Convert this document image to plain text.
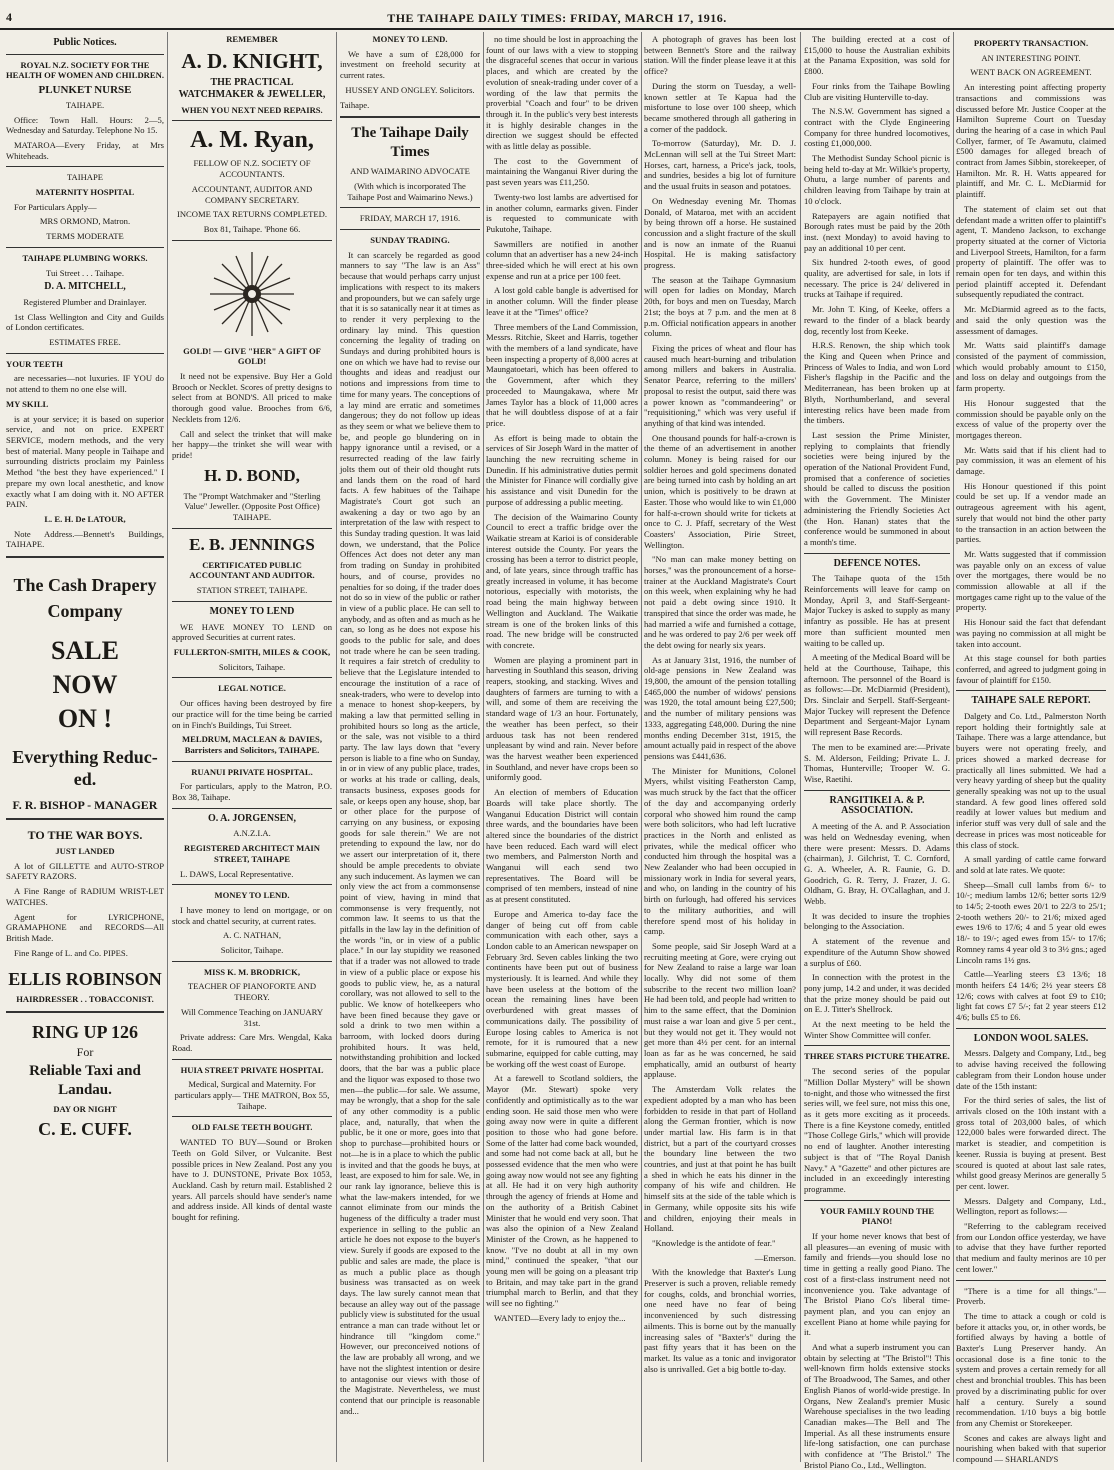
4	THE TAIHAPE DAILY TIMES: FRIDAY, MARCH 17, 1916.

Public Notices.

ROYAL N.Z. SOCIETY FOR THE HEALTH OF WOMEN AND CHILDREN.

PLUNKET NURSE

TAIHAPE.

Office: Town Hall. Hours: 2—5, Wednesday and Saturday. Telephone No 15.

MATAROA—Every Friday, at Mrs Whiteheads.

TAIHAPE

MATERNITY HOSPITAL

For Particulars Apply—

MRS ORMOND, Matron.

TERMS MODERATE

TAIHAPE PLUMBING WORKS.

Tui Street . . . Taihape.

D. A. MITCHELL,

Registered Plumber and Drainlayer.

1st Class Wellington and City and Guilds of London certificates.

ESTIMATES FREE.

YOUR TEETH

are necessaries—not luxuries. IF YOU do not attend to them no one else will.

MY SKILL

is at your service; it is based on superior service, and not on price. EXPERT SERVICE, modern methods, and the very best of material. Many people in Taihape and surrounding districts proclaim my Painless Method "the best they have experienced." I prepare my own local anesthetic, and know exactly what I am doing with it. NO AFTER PAIN.

L. E. H. De LATOUR,

Note Address.—Bennett's Buildings, TAIHAPE.

The Cash Drapery

Company

SALE

NOW

ON !

Everything Reduc- ed.

F. R. BISHOP - MANAGER

TO THE WAR BOYS.

JUST LANDED

A lot of GILLETTE and AUTO-STROP SAFETY RAZORS.

A Fine Range of RADIUM WRIST-LET WATCHES.

Agent for LYRICPHONE, GRAMAPHONE and RECORDS—All British Made.

Fine Range of L. and Co. PIPES.

ELLIS ROBINSON

HAIRDRESSER . . TOBACCONIST.

RING UP 126

For

Reliable Taxi and Landau.

DAY OR NIGHT

C. E. CUFF.

REMEMBER

A. D. KNIGHT,

THE PRACTICAL WATCHMAKER & JEWELLER,

WHEN YOU NEXT NEED REPAIRS.

A. M. Ryan,

FELLOW OF N.Z. SOCIETY OF ACCOUNTANTS.

ACCOUNTANT, AUDITOR AND COMPANY SECRETARY.

INCOME TAX RETURNS COMPLETED.

Box 81, Taihape. 'Phone 66.

GOLD! — GIVE "HER" A GIFT OF GOLD!

It need not be expensive. Buy Her a Gold Brooch or Necklet. Scores of pretty designs to select from at BOND'S. All priced to make thorough good value. Brooches from 6/6, Necklets from 12/6.

Call and select the trinket that will make her happy—the trinket she will wear with pride!

H. D. BOND,

The "Prompt Watchmaker and "Sterling Value" Jeweller. (Opposite Post Office) TAIHAPE.

E. B. JENNINGS

CERTIFICATED PUBLIC ACCOUNTANT AND AUDITOR.

STATION STREET, TAIHAPE.

MONEY TO LEND

WE HAVE MONEY TO LEND on approved Securities at current rates.

FULLERTON-SMITH, MILES & COOK,

Solicitors, Taihape.

LEGAL NOTICE.

Our offices having been destroyed by fire our practice will for the time being be carried on in Finch's Buildings, Tui Street.

MELDRUM, MACLEAN & DAVIES, Barristers and Solicitors, TAIHAPE.

RUANUI PRIVATE HOSPITAL.

For particulars, apply to the Matron, P.O. Box 38, Taihape.

O. A. JORGENSEN,

A.N.Z.I.A.

REGISTERED ARCHITECT MAIN STREET, TAIHAPE

L. DAWS, Local Representative.

MONEY TO LEND.

I have money to lend on mortgage, or on stock and chattel security, at current rates.

A. C. NATHAN,

Solicitor, Taihape.

MISS K. M. BRODRICK,

TEACHER OF PIANOFORTE AND THEORY.

Will Commence Teaching on JANUARY 31st.

Private address: Care Mrs. Wengdal, Kaka Road.

HUIA STREET PRIVATE HOSPITAL

Medical, Surgical and Maternity. For particulars apply— THE MATRON, Box 55, Taihape.

OLD FALSE TEETH BOUGHT.

WANTED TO BUY—Sound or Broken Teeth on Gold Silver, or Vulcanite. Best possible prices in New Zealand. Post any you have to J. DUNSTONE, Private Box 1053, Auckland. Cash by return mail. Established 2 years. All parcels should have sender's name and address inside. All kinds of dental waste bought for refining.

MONEY TO LEND.

We have a sum of £28,000 for investment on freehold security at current rates.

HUSSEY AND ONGLEY. Solicitors.

Taihape.

The Taihape Daily Times

AND WAIMARINO ADVOCATE

(With which is incorporated The Taihape Post and Waimarino News.)

FRIDAY, MARCH 17, 1916.

SUNDAY TRADING.

It can scarcely be regarded as good manners to say "The law is an Ass" because that would perhaps carry unjust implications with respect to its makers and propounders, but we can safely urge that it is so satanically near it at times as to render it very perplexing to the ordinary lay mind. This question concerning the legality of trading on Sundays and during prohibited hours is one on which we have had to revise our thoughts and ideas and readjust our notions and impressions from time to time for many years. The conceptions of a lay mind are erratic and sometimes dangerous; they do not follow up ideas as they seem or what we believe them to be, and people go blundering on in happy ignorance until a revised, or a resurrected reading of the law fairly jolts them out of their old thought ruts and lands them on the road of hard facts. A few habitues of the Taihape Magistrate's Court got such an awakening a day or two ago by an interpretation of the law with respect to this Sunday trading question. It was laid down, we understand, that the Police Offences Act does not deter any man from trading on Sunday in prohibited hours, and of course, provides no penalties for so doing, if the trader does not do so in view of the public or rather in view of a public place. He can sell to anybody, and as often and as much as he can, so long as he does not expose his goods to the public for sale, and does not trade where he can be seen trading. It requires a fair stretch of credulity to believe that the Legislature intended to encourage the institution of a race of sneak-traders, who were to develop into a menace to honest shop-keepers, by making a law that permitted selling in prohibited hours so long as the article, or the sale, was not visible to a third party. The law lays down that "every person is liable to a fine who on Sunday, in or in view of any public place, trades, or works at his trade or calling, deals, transacts business, exposes goods for sale, or keeps open any house, shop, bar or other place for the purpose of carrying on any business, or exposing goods for sale therein." We are not pretending to expound the law, nor do we assert our interpretation of it, there should be ample precedents to obviate any such inducement. As laymen we can only view the act from a commonsense point of view, having in mind that commonsense is very frequently, not common law. It seems to us that the pitfalls in the law lay in the definition of the words "in, or in view of a public place." In our lay stupidity we reasoned that if a trader was not allowed to trade in view of a public place or expose his goods to public view, he, as a natural corollary, was not allowed to sell to the public. We know of hotelkeepers who have been fined because they gave or sold a drink to two men within a barroom, with locked doors during prohibited hours. It was held, notwithstanding prohibition and locked doors, that the bar was a public place and the liquor was exposed to those two men—the public—for sale. We assume, may be wrongly, that a shop for the sale of any other commodity is a public place, and, naturally, that when the public, be it one or more, goes into that shop to purchase—prohibited hours or not—he is in a place to which the public is invited and that the goods he buys, at least, are exposed to him for sale. We, in our rank lay ignorance, believe this is what the law-makers intended, for we cannot eliminate from our minds the hugeness of the difficulty a trader must experience in selling to the public an article he does not expose to the buyer's view. Surely if goods are exposed to the public and sales are made, the place is as much a public place as though business was transacted as on week days. The law surely cannot mean that because an alley way out of the passage publicly view is substituted for the usual entrance a man can trade without let or hindrance till "kingdom come." However, our preconceived notions of the law are probably all wrong, and we have not the slightest intention or desire to antagonise our views with those of the Magistrate. Nevertheless, we must contend that our principle is reasonable and...

no time should be lost in approaching the fount of our laws with a view to stopping the disgraceful scenes that occur in various places, and which are created by the evolution of sneak-trading under cover of a wording of the law that permits the proverbial "Coach and four" to be driven through it. In the public's very best interests it is highly desirable changes in the direction we suggest should be effected with as little delay as possible.

The cost to the Government of maintaining the Wanganui River during the past seven years was £11,250.

Twenty-two lost lambs are advertised for in another column, earmarks given. Finder is requested to communicate with Pukutohe, Taihape.

Sawmillers are notified in another column that an advertiser has a new 24-inch three-sided which he will erect at his own expense and run at a price per 100 feet.

A lost gold cable bangle is advertised for in another column. Will the finder please leave it at the "Times" office?

Three members of the Land Commission, Messrs. Ritchie, Skeet and Harris, together with the members of a land syndicate, have been inspecting a property of 8,000 acres at Maungatoetari, which has been offered to the Government, after which they proceeded to Maungakawa, where Mr James Taylor has a block of 11,000 acres that he will doubtless dispose of at a fair price.

As effort is being made to obtain the services of Sir Joseph Ward in the matter of launching the new recruiting scheme in Dunedin. If his administrative duties permit the Minister for Finance will cordially give his assistance and visit Dunedin for the purpose of addressing a public meeting.

The decision of the Waimarino County Council to erect a traffic bridge over the Waikatie stream at Karioi is of considerable interest outside the County. For years the crossing has been a terror to district people, and, of late years, since through traffic has greatly increased in volume, it has become notorious, especially with motorists, the road being the main highway between Wellington and Auckland. The Waikatie stream is one of the broken links of this road. The new bridge will be constructed with concrete.

Women are playing a prominent part in harvesting in Southland this season, driving reapers, stooking, and stacking. Wives and daughters of farmers are turning to with a will, and some of them are receiving the standard wage of 1/3 an hour. Fortunately, the weather has been perfect, so their arduous task has not been rendered unpleasant by wind and rain. Never before was the harvest weather been experienced in Southland, and never have crops been so uniformly good.

An election of members of Education Boards will take place shortly. The Wanganui Education District will contain three wards, and the boundaries have been altered since the boundaries of the district have been reduced. Each ward will elect two members, and Palmerston North and Wanganui will each send two representatives. The Board will be comprised of ten members, instead of nine as at present constituted.

Europe and America to-day face the danger of being cut off from cable communication with each other, says a London cable to an American newspaper on February 3rd. Seven cables linking the two continents have been put out of business mysteriously. It is learned. And while they have been useless at the bottom of the ocean the remaining lines have been overburdened with great masses of communications daily. The possibility of Europe losing cables to America is not remote, for it is rumoured that a new submarine, equipped for cable cutting, may be working off the west coast of Europe.

At a farewell to Scotland soldiers, the Mayor (Mr. Stewart) spoke very confidently and optimistically as to the war ending soon. He said those men who were going away now were in quite a different position to those who had gone before. Some of the latter had come back wounded, and some had not come back at all, but he possessed evidence that the men who were going away now would not see any fighting at all. He had it on very high authority through the agency of friends at Home and on the authority of a British Cabinet Minister that he would end very soon. That was also the opinion of a New Zealand Minister of the Crown, as he happened to know. "I've no doubt at all in my own mind," continued the speaker, "that our young men will be going on a pleasant trip to Britain, and may take part in the grand triumphal march to Berlin, and that they will see no fighting."

WANTED—Every lady to enjoy the...

A photograph of graves has been lost between Bennett's Store and the railway station. Will the finder please leave it at this office?

During the storm on Tuesday, a well-known settler at Te Kapua had the misfortune to lose over 100 sheep, which became smothered through all gathering in a corner of the paddock.

To-morrow (Saturday), Mr. D. J. McLennan will sell at the Tui Street Mart: Horses, cart, harness, a Price's jack, tools, and sundries, besides a big lot of furniture and the usual fruits in season and potatoes.

On Wednesday evening Mr. Thomas Donald, of Mataroa, met with an accident by being thrown off a horse. He sustained concussion and a slight fracture of the skull and is now an inmate of the Ruanui Hospital. He is making satisfactory progress.

The season at the Taihape Gymnasium will open for ladies on Monday, March 20th, for boys and men on Tuesday, March 21st; the boys at 7 p.m. and the men at 8 p.m. Official notification appears in another column.

Fixing the prices of wheat and flour has caused much heart-burning and tribulation among millers and bakers in Australia. Senator Pearce, referring to the millers' proposal to resist the output, said there was a power known as "commandeering" or "requisitioning," which was very useful if anything of that kind was intended.

One thousand pounds for half-a-crown is the theme of an advertisement in another column. Money is being raised for our soldier heroes and gold specimens donated are being turned into cash by holding an art union, which is positively to be drawn at Easter. Those who would like to win £1,000 for half-a-crown should write for tickets at once to C. J. Pfaff, secretary of the West Coasters' Association, Pirie Street, Wellington.

"No man can make money betting on horses," was the pronouncement of a horse-trainer at the Auckland Magistrate's Court on this week, when explaining why he had not paid a debt owing since 1910. It transpired that since the order was made, he had married a wife and furnished a cottage, and he was ordered to pay 2/6 per week off the debt owing for nearly six years.

As at January 31st, 1916, the number of old-age pensions in New Zealand was 19,800, the amount of the pension totalling £465,000 the number of widows' pensions was 1920, the total amount being £27,500; and the number of military pensions was 1333, aggregating £48,000. During the nine months ending December 31st, 1915, the amount actually paid in respect of the above pensions was £441,636.

The Minister for Munitions, Colonel Myers, whilst visiting Featherston Camp, was much struck by the fact that the officer of the day and accompanying orderly corporal who showed him round the camp were both solicitors, who had left lucrative practices in the North and enlisted as privates, while the medical officer who conducted him through the hospital was a New Zealander who had been occupied in missionary work in India for several years, and who, on landing in the country of his birth on furlough, had offered his services to the military authorities, and will therefore spend most of his holiday in camp.

Some people, said Sir Joseph Ward at a recruiting meeting at Gore, were crying out for New Zealand to raise a large war loan locally. Why did not some of them subscribe to the recent two million loan? He had been told, and people had written to him to the same effect, that the Dominion must raise a war loan and give 5 per cent., but they would not get it. They would not get more than 4½ per cent. for an internal loan as far as he was concerned, he said emphatically, amid an outburst of hearty applause.

The Amsterdam Volk relates the expedient adopted by a man who has been forbidden to reside in that part of Holland along the German frontier, which is now under martial law. His farm is in that district, but a part of the courtyard crosses the boundary line between the two countries, and just at that point he has built a shed in which he eats his dinner in the company of his wife and children. He himself sits at the side of the table which is in Germany, while opposite sits his wife and children, enjoying their meals in Holland.

"Knowledge is the antidote of fear."

—Emerson.

With the knowledge that Baxter's Lung Preserver is such a proven, reliable remedy for coughs, colds, and bronchial worries, one need have no fear of being inconvenienced by such distressing ailments. This is borne out by the manually increasing sales of "Baxter's" during the past fifty years that it has been on the market. Its value as a tonic and invigorator also is unrivalled. Get a big bottle to-day.

The building erected at a cost of £15,000 to house the Australian exhibits at the Panama Exposition, was sold for £800.

Four rinks from the Taihape Bowling Club are visiting Hunterville to-day.

The N.S.W. Government has signed a contract with the Clyde Engineering Company for three hundred locomotives, costing £1,000,000.

The Methodist Sunday School picnic is being held to-day at Mr. Wilkie's property, Ohutu, a large number of parents and children leaving from Taihape by train at 10 o'clock.

Ratepayers are again notified that Borough rates must be paid by the 20th inst. (next Monday) to avoid having to pay an additional 10 per cent.

Six hundred 2-tooth ewes, of good quality, are advertised for sale, in lots if necessary. The price is 24/ delivered in trucks at Taihape if required.

Mr. John T. King, of Keeke, offers a reward to the finder of a black beardy dog, recently lost from Keeke.

H.R.S. Renown, the ship which took the King and Queen when Prince and Princess of Wales to India, and won Lord Fisher's flagship in the Pacific and the Mediterranean, has been broken up at Blyth, Northumberland, and several interesting relics have been made from the timbers.

Last session the Prime Minister, replying to complaints that friendly societies were being injured by the operation of the National Provident Fund, promised that a conference of societies should be called to discuss the position with the Government. The Minister administering the Friendly Societies Act (the Hon. Hanan) states that the conference would be summoned in about a month's time.

DEFENCE NOTES.

The Taihape quota of the 15th Reinforcements will leave for camp on Monday, April 3, and Staff-Sergeant-Major Tuckey is asked to supply as many infantry as possible. He has at present more than sufficient mounted men waiting to be called up.

A meeting of the Medical Board will be held at the Courthouse, Taihape, this afternoon. The personnel of the Board is as follows:—Dr. McDiarmid (President), Drs. Sinclair and Serpell. Staff-Sergeant-Major Tuckey will represent the Defence Department and Sergeant-Major Lynam will represent Base Records.

The men to be examined are:—Private S. M. Alderson, Feilding; Private L. J. Thomas, Hunterville; Trooper W. G. Wise, Raetihi.

RANGITIKEI A. & P. ASSOCIATION.

A meeting of the A. and P. Association was held on Wednesday evening, when there were present: Messrs. D. Adams (chairman), J. Gilchrist, T. C. Cornford, G. A. Wheeler, A. R. Faunie, G. D. Goodrich, G. R. Terry, J. Frazer, J. G. Oldham, G. Bray, H. O'Callaghan, and J. Webb.

It was decided to insure the trophies belonging to the Association.

A statement of the revenue and expenditure of the Autumn Show showed a surplus of £60.

In connection with the protest in the pony jump, 14.2 and under, it was decided that the prize money should be paid out on E. J. Titter's Shellrock.

At the next meeting to be held the Winter Show Committee will confer.

THREE STARS PICTURE THEATRE.

The second series of the popular "Million Dollar Mystery" will be shown to-night, and those who witnessed the first series will, we feel sure, not miss this one, as it gets more exciting as it proceeds. There is a fine Keystone comedy, entitled "Those College Girls," which will provide no end of laughter. Another interesting subject is that of "The Royal Danish Navy." A "Gazette" and other pictures are included in an exceedingly interesting programme.

YOUR FAMILY ROUND THE PIANO!

If your home never knows that best of all pleasures—an evening of music with family and friends—you should lose no time in getting a really good Piano. The cost of a first-class instrument need not inconvenience you. Take advantage of The Bristol Piano Co's liberal time-payment plan, and you can enjoy an excellent Piano at home while paying for it.

And what a superb instrument you can obtain by selecting at "The Bristol"! This well-known firm holds extensive stocks of The Broadwood, The Sames, and other English Pianos of world-wide prestige. In Organs, New Zealand's premier Music Warehouse specialises in the two leading Canadian makes—The Bell and The Imperial. As all these instruments ensure life-long satisfaction, one can purchase with confidence at "The Bristol." The Bristol Piano Co., Ltd., Wellington.

PROPERTY TRANSACTION.

AN INTERESTING POINT.

WENT BACK ON AGREEMENT.

An interesting point affecting property transactions and commissions was discussed before Mr. Justice Cooper at the Hamilton Supreme Court on Tuesday during the hearing of a case in which Paul Collyer, farmer, of Te Awamutu, claimed £500 damages for alleged breach of contract from James Sibbin, storekeeper, of Hamilton. Mr. R. H. Watts appeared for plaintiff, and Mr. C. L. McDiarmid for plaintiff.

The statement of claim set out that defendant made a written offer to plaintiff's agent, T. Mandeno Jackson, to exchange property situated at the corner of Victoria and Liverpool Streets, Hamilton, for a farm property of plaintiff. The offer was to remain open for ten days, and within this period plaintiff accepted it. Defendant subsequently repudiated the contract.

Mr. McDiarmid agreed as to the facts, and said the only question was the assessment of damages.

Mr. Watts said plaintiff's damage consisted of the payment of commission, which would probably amount to £150, and loss on delay and outgoings from the farm property.

His Honour suggested that the commission should be payable only on the excess of value of the property over the mortgages thereon.

Mr. Watts said that if his client had to pay commission, it was an element of his damage.

His Honour questioned if this point could be set up. If a vendor made an outrageous agreement with his agent, surely that would not bind the other party to the transaction in an action between the parties.

Mr. Watts suggested that if commission was payable only on an excess of value over the mortgages, there would be no commission allowable at all if the mortgages came right up to the value of the property.

His Honour said the fact that defendant was paying no commission at all might be taken into account.

At this stage counsel for both parties conferred, and agreed to judgment going in favour of plaintiff for £150.

TAIHAPE SALE REPORT.

Dalgety and Co. Ltd., Palmerston North report holding their fortnightly sale at Taihape. There was a large attendance, but buyers were not operating freely, and prices showed a marked decrease for practically all lines submitted. We had a very heavy yarding of sheep but the quality generally speaking was not up to the usual standard. A few good lines offered sold readily at lower values but medium and inferior stuff was very dull of sale and the decrease in prices was most noticeable for this class of stock.

A small yarding of cattle came forward and sold at late rates. We quote:

Sheep—Small cull lambs from 6/- to 10/-; medium lambs 12/6; better sorts 12/9 to 14/5; 2-tooth ewes 20/1 to 22/3 to 25/1; 2-tooth wethers 20/- to 21/6; mixed aged ewes 19/6 to 17/6; 4 and 5 year old ewes 18/- to 19/-; aged ewes from 15/- to 17/6; Romney rams 4 year old 3 to 3½ gns.; aged Lincoln rams 1½ gns.

Cattle—Yearling steers £3 13/6; 18 month heifers £4 14/6; 2½ year steers £8 12/6; cows with calves at foot £9 to £10; light fat cows £7 5/-; fat 2 year steers £12 4/6; bulls £5 to £6.

LONDON WOOL SALES.

Messrs. Dalgety and Company, Ltd., beg to advise having received the following cablegram from their London house under date of the 15th instant:

For the third series of sales, the list of arrivals closed on the 10th instant with a gross total of 203,000 bales, of which 122,000 bales were forwarded direct. The market is steadier, and competition is keener. Russia is buying at present. Best scoured is quoted at about last sale rates, whilst good greasy Merinos are generally 5 per cent. lower.

Messrs. Dalgety and Company, Ltd., Wellington, report as follows:—

"Referring to the cablegram received from our London office yesterday, we have to advise that they have further reported that medium and faulty merinos are 10 per cent lower."

"There is a time for all things."—Proverb.

The time to attack a cough or cold is before it attacks you, or, in other words, be fortified always by having a bottle of Baxter's Lung Preserver handy. An occasional dose is a fine tonic to the system and proves a certain remedy for all chest and bronchial troubles. This has been proved by a discriminating public for over half a century. Surely a sound recommendation. 1/10 buys a big bottle from any Chemist or Storekeeper.

Scones and cakes are always light and nourishing when baked with that superior compound — SHARLAND'S
